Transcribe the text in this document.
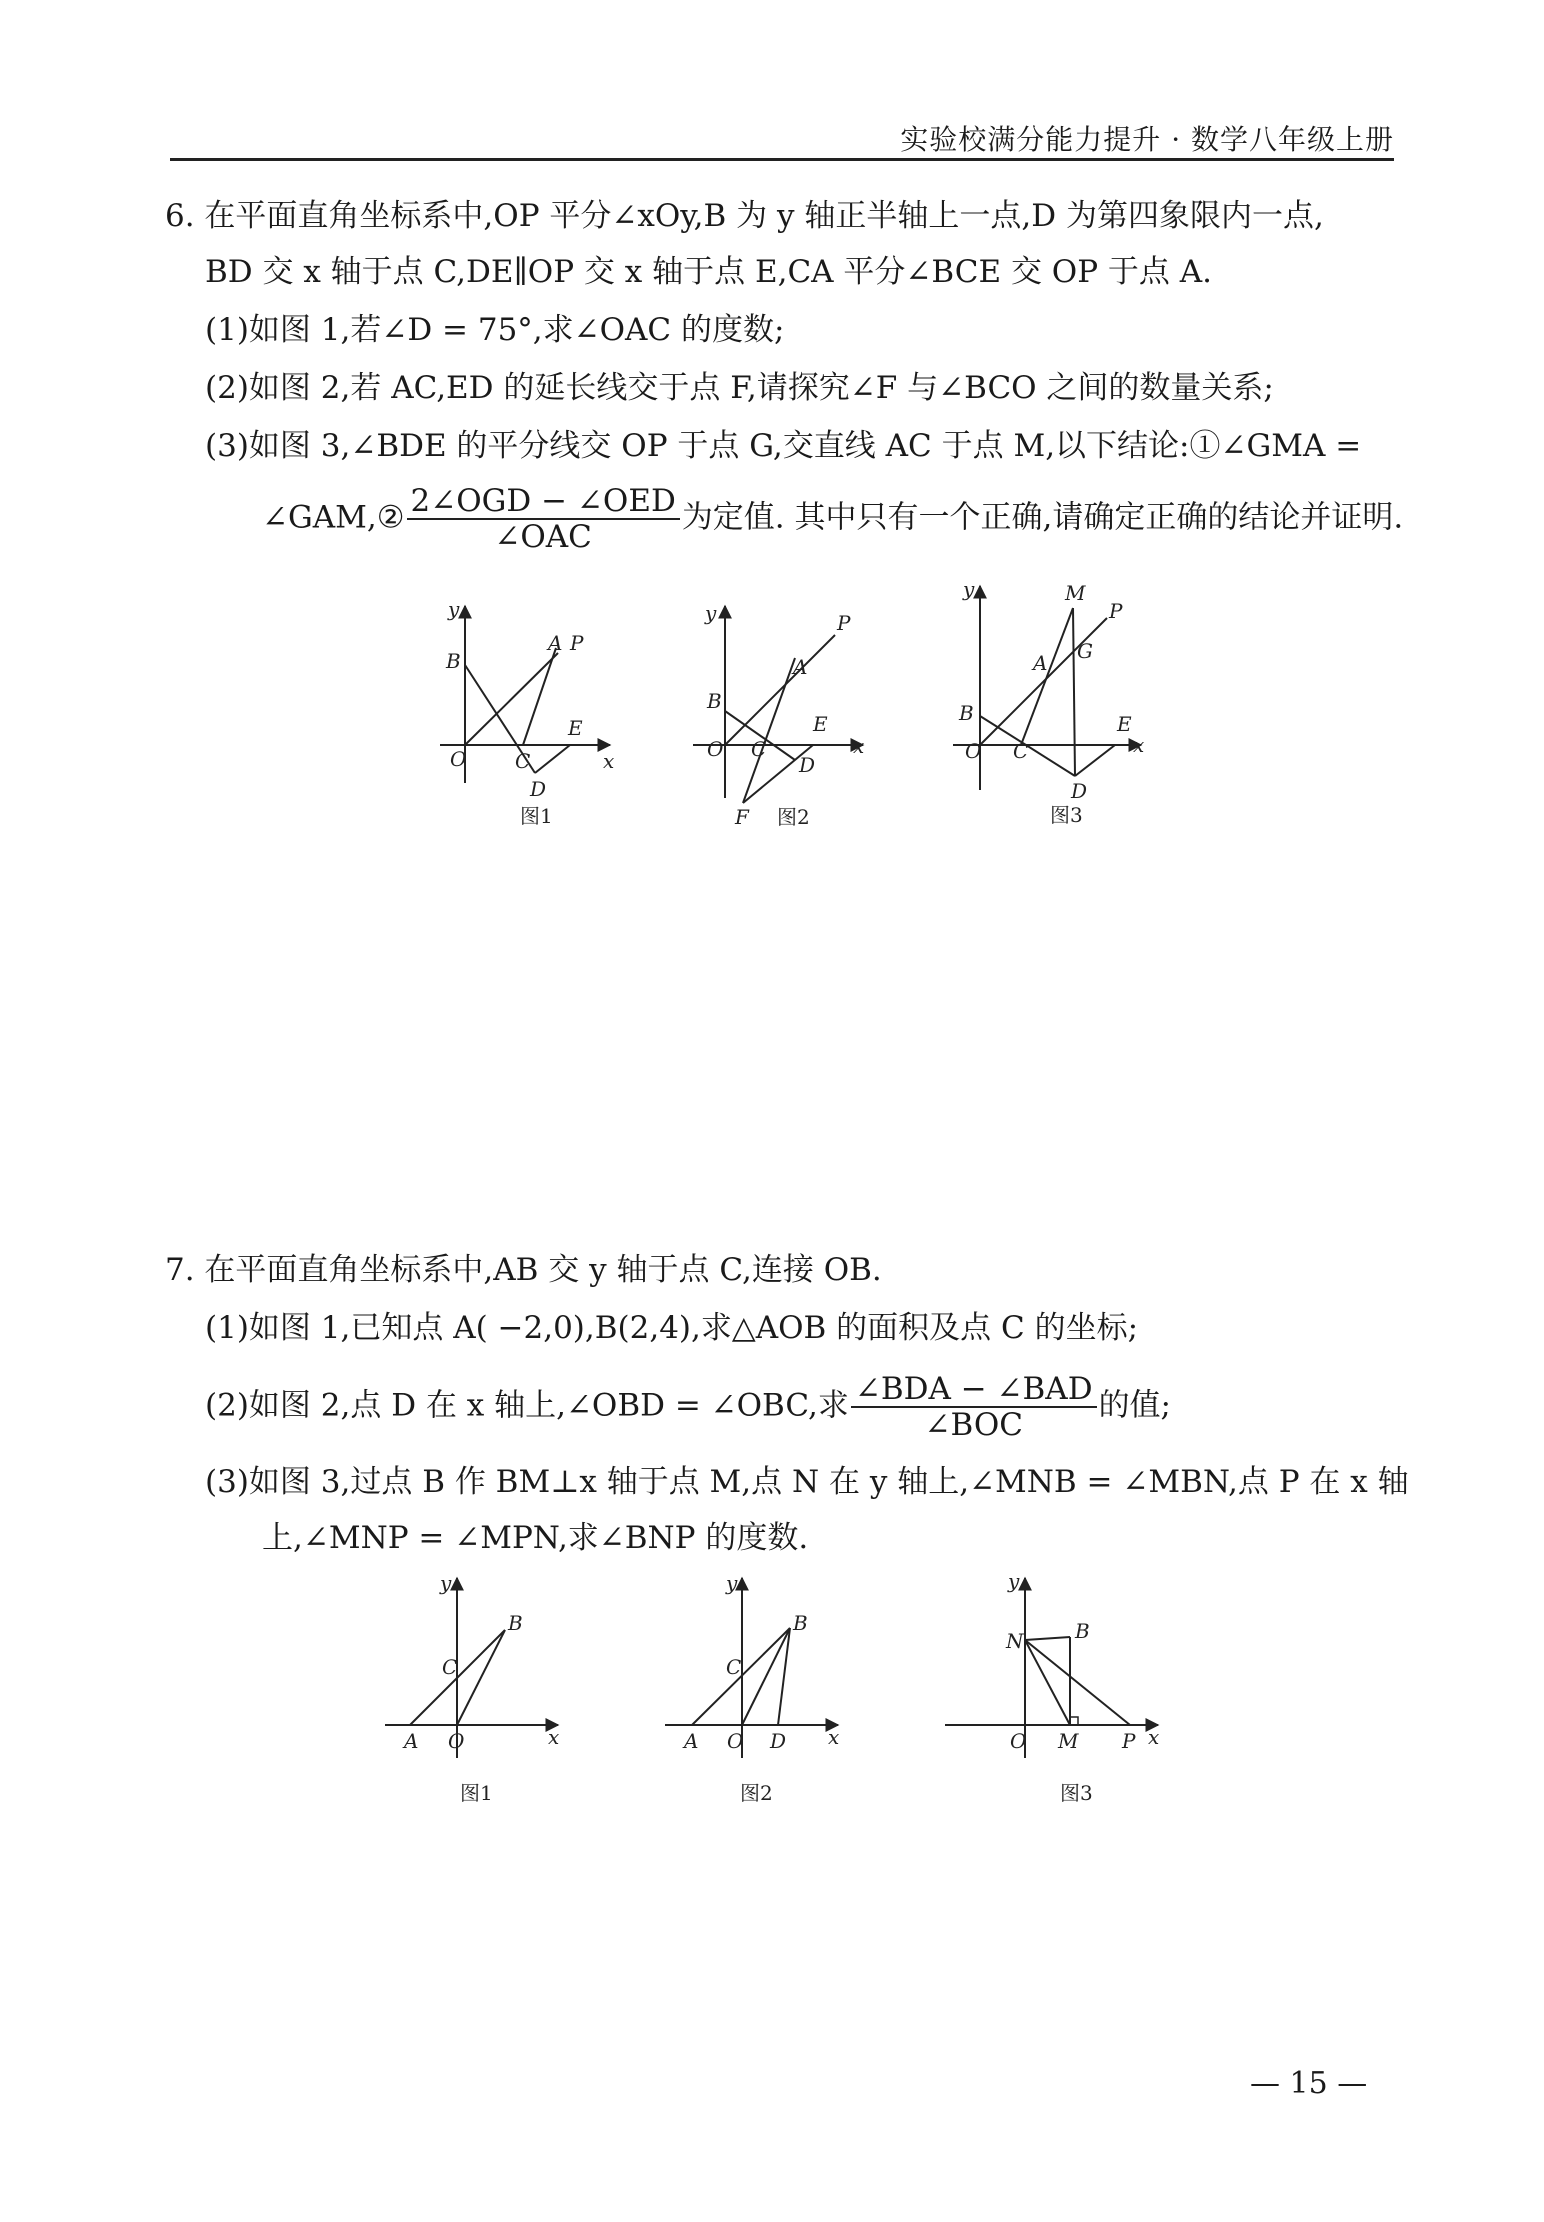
实验校满分能力提升 · 数学八年级上册
6. 在平面直角坐标系中,OP 平分∠xOy,B 为 y 轴正半轴上一点,D 为第四象限内一点,
BD 交 x 轴于点 C,DE∥OP 交 x 轴于点 E,CA 平分∠BCE 交 OP 于点 A.
(1)如图 1,若∠D = 75°,求∠OAC 的度数;
(2)如图 2,若 AC,ED 的延长线交于点 F,请探究∠F 与∠BCO 之间的数量关系;
(3)如图 3,∠BDE 的平分线交 OP 于点 G,交直线 AC 于点 M,以下结论:①∠GMA =
∠GAM,② $\frac{\text{2∠OGD − ∠OED}}{\text{∠OAC}}$ 为定值. 其中只有一个正确,请确定正确的结论并证明.
y
x
O
B
A P
C
E
D
图1
y
x
O
B
A
P
C
E
D
F 图2
y
x
O
B
M
P
G
A
C
E
D
图3
7. 在平面直角坐标系中,AB 交 y 轴于点 C,连接 OB.
(1)如图 1,已知点 A( −2,0),B(2,4),求△AOB 的面积及点 C 的坐标;
(2)如图 2,点 D 在 x 轴上,∠OBD = ∠OBC,求 $\frac{\text{∠BDA − ∠BAD}}{\text{∠BOC}}$ 的值;
(3)如图 3,过点 B 作 BM⊥x 轴于点 M,点 N 在 y 轴上,∠MNB = ∠MBN,点 P 在 x 轴
上,∠MNP = ∠MPN,求∠BNP 的度数.
y
x
A O
B
C
图1
y
x
A O D
B
C
图2
y
x
N	B
O M P
图3
— 15 —
